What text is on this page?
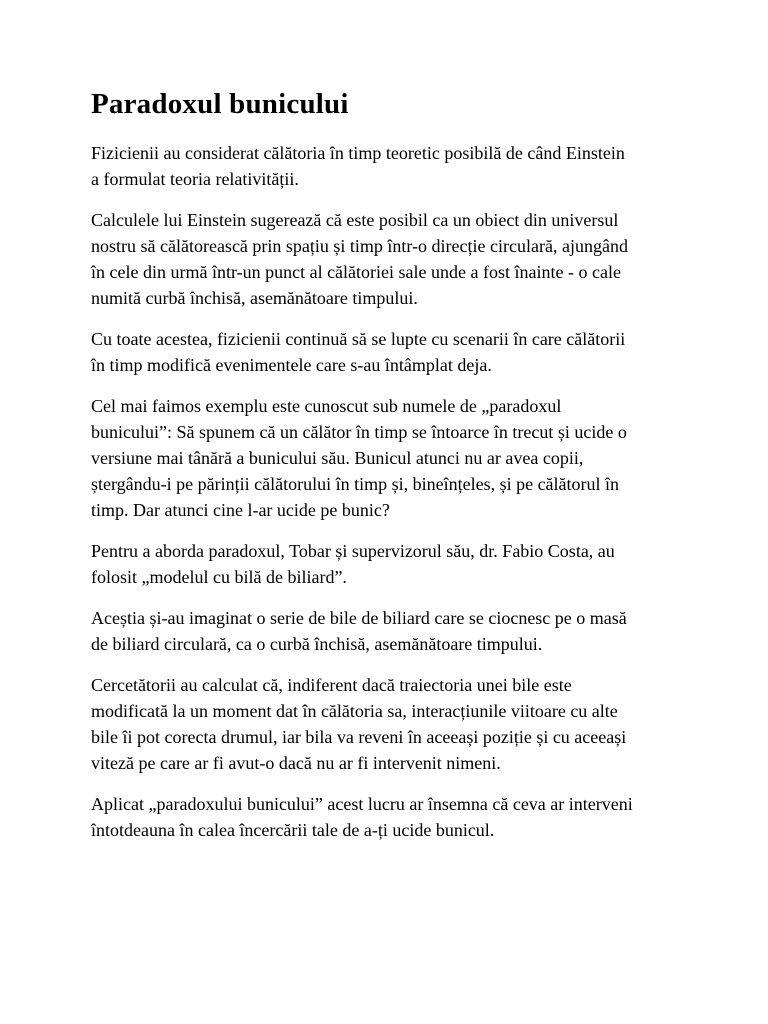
Paradoxul bunicului

Fizicienii au considerat călătoria în timp teoretic posibilă de când Einstein
a formulat teoria relativității.

Calculele lui Einstein sugerează că este posibil ca un obiect din universul
nostru să călătorească prin spațiu și timp într-o direcție circulară, ajungând
în cele din urmă într-un punct al călătoriei sale unde a fost înainte - o cale
numită curbă închisă, asemănătoare timpului.

Cu toate acestea, fizicienii continuă să se lupte cu scenarii în care călătorii
în timp modifică evenimentele care s-au întâmplat deja.

Cel mai faimos exemplu este cunoscut sub numele de „paradoxul
bunicului”: Să spunem că un călător în timp se întoarce în trecut și ucide o
versiune mai tânără a bunicului său. Bunicul atunci nu ar avea copii,
ștergându-i pe părinții călătorului în timp și, bineînțeles, și pe călătorul în
timp. Dar atunci cine l-ar ucide pe bunic?

Pentru a aborda paradoxul, Tobar și supervizorul său, dr. Fabio Costa, au
folosit „modelul cu bilă de biliard”.

Aceștia și-au imaginat o serie de bile de biliard care se ciocnesc pe o masă
de biliard circulară, ca o curbă închisă, asemănătoare timpului.

Cercetătorii au calculat că, indiferent dacă traiectoria unei bile este
modificată la un moment dat în călătoria sa, interacțiunile viitoare cu alte
bile îi pot corecta drumul, iar bila va reveni în aceeași poziție și cu aceeași
viteză pe care ar fi avut-o dacă nu ar fi intervenit nimeni.

Aplicat „paradoxului bunicului” acest lucru ar însemna că ceva ar interveni
întotdeauna în calea încercării tale de a-ți ucide bunicul.
